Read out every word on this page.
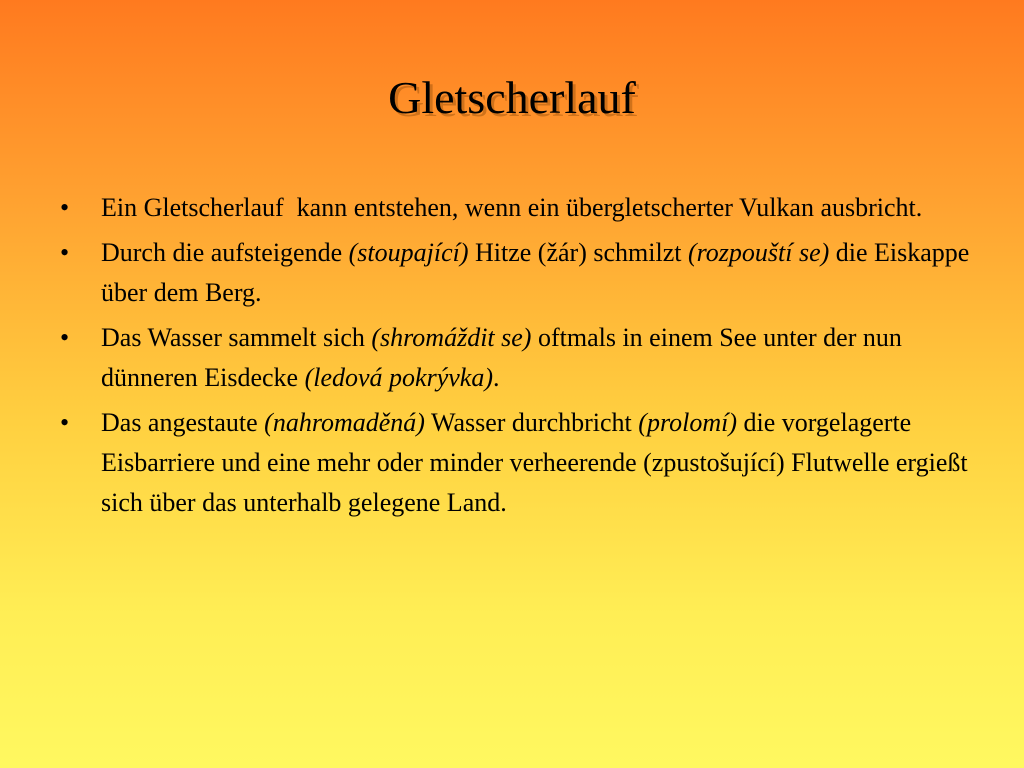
Gletscherlauf
• Ein Gletscherlauf  kann entstehen, wenn ein übergletscherter Vulkan ausbricht.
• Durch die aufsteigende (stoupající) Hitze (žár) schmilzt (rozpouští se) die Eiskappe über dem Berg.
• Das Wasser sammelt sich (shromáždit se) oftmals in einem See unter der nun dünneren Eisdecke (ledová pokrývka).
• Das angestaute (nahromaděná) Wasser durchbricht (prolomí) die vorgelagerte Eisbarriere und eine mehr oder minder verheerende (zpustošující) Flutwelle ergießt sich über das unterhalb gelegene Land.
